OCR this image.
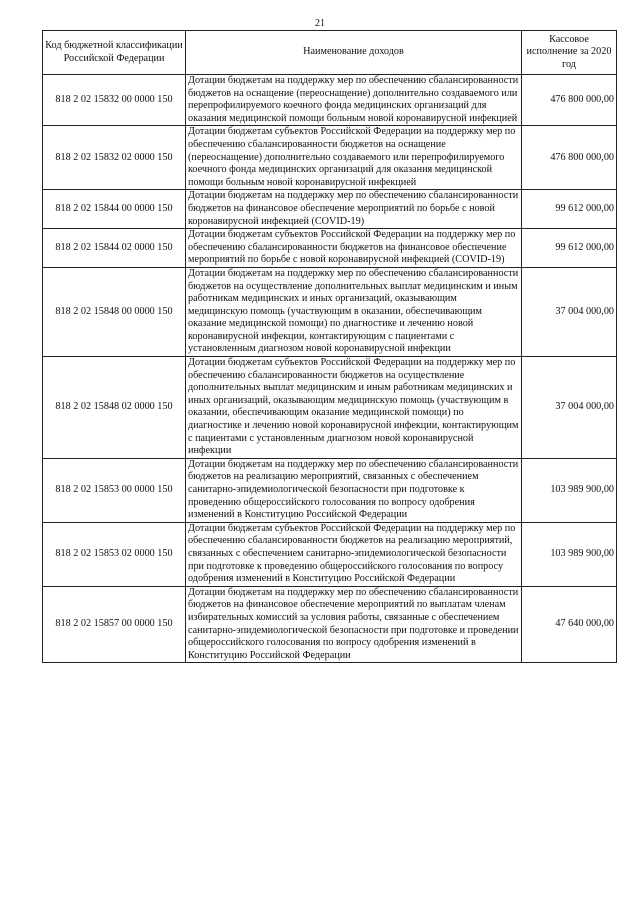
21
Код бюджетной классификации Российской Федерации	Наименование доходов	Кассовое исполнение за 2020 год
818 2 02 15832 00 0000 150	Дотации бюджетам на поддержку мер по обеспечению сбалансированности бюджетов на оснащение (переоснащение) дополнительно создаваемого или перепрофилируемого коечного фонда медицинских организаций для оказания медицинской помощи больным новой коронавирусной инфекцией	476 800 000,00
818 2 02 15832 02 0000 150	Дотации бюджетам субъектов Российской Федерации на поддержку мер по обеспечению сбалансированности бюджетов на оснащение (переоснащение) дополнительно создаваемого или перепрофилируемого коечного фонда медицинских организаций для оказания медицинской помощи больным новой коронавирусной инфекцией	476 800 000,00
818 2 02 15844 00 0000 150	Дотации бюджетам на поддержку мер по обеспечению сбалансированности бюджетов на финансовое обеспечение мероприятий по борьбе с новой коронавирусной инфекцией (COVID-19)	99 612 000,00
818 2 02 15844 02 0000 150	Дотации бюджетам субъектов Российской Федерации на поддержку мер по обеспечению сбалансированности бюджетов на финансовое обеспечение мероприятий по борьбе с новой коронавирусной инфекцией (COVID-19)	99 612 000,00
818 2 02 15848 00 0000 150	Дотации бюджетам на поддержку мер по обеспечению сбалансированности бюджетов на осуществление дополнительных выплат медицинским и иным работникам медицинских и иных организаций, оказывающим медицинскую помощь (участвующим в оказании, обеспечивающим оказание медицинской помощи) по диагностике и лечению новой коронавирусной инфекции, контактирующим с пациентами с установленным диагнозом новой коронавирусной инфекции	37 004 000,00
818 2 02 15848 02 0000 150	Дотации бюджетам субъектов Российской Федерации на поддержку мер по обеспечению сбалансированности бюджетов на осуществление дополнительных выплат медицинским и иным работникам медицинских и иных организаций, оказывающим медицинскую помощь (участвующим в оказании, обеспечивающим оказание медицинской помощи) по диагностике и лечению новой коронавирусной инфекции, контактирующим с пациентами с установленным диагнозом новой коронавирусной инфекции	37 004 000,00
818 2 02 15853 00 0000 150	Дотации бюджетам на поддержку мер по обеспечению сбалансированности бюджетов на реализацию мероприятий, связанных с обеспечением санитарно-эпидемиологической безопасности при подготовке к проведению общероссийского голосования по вопросу одобрения изменений в Конституцию Российской Федерации	103 989 900,00
818 2 02 15853 02 0000 150	Дотации бюджетам субъектов Российской Федерации на поддержку мер по обеспечению сбалансированности бюджетов на реализацию мероприятий, связанных с обеспечением санитарно-эпидемиологической безопасности при подготовке к проведению общероссийского голосования по вопросу одобрения изменений в Конституцию Российской Федерации	103 989 900,00
818 2 02 15857 00 0000 150	Дотации бюджетам на поддержку мер по обеспечению сбалансированности бюджетов на финансовое обеспечение мероприятий по выплатам членам избирательных комиссий за условия работы, связанные с обеспечением санитарно-эпидемиологической безопасности при подготовке и проведении общероссийского голосования по вопросу одобрения изменений в Конституцию Российской Федерации	47 640 000,00
